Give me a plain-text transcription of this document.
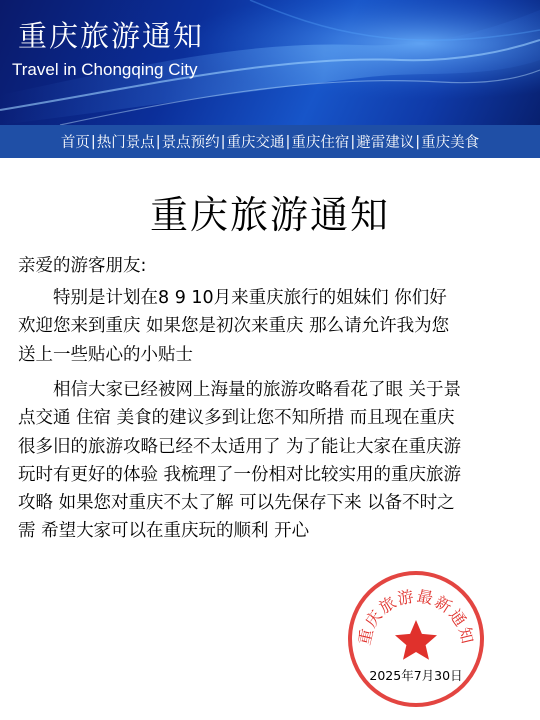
重庆旅游通知
Travel in Chongqing City
首页 | 热门景点 | 景点预约 | 重庆交通 | 重庆住宿 | 避雷建议 | 重庆美食
重庆旅游通知
亲爱的游客朋友:
特别是计划在8 9 10月来重庆旅行的姐妹们 你们好
欢迎您来到重庆 如果您是初次来重庆 那么请允许我为您
送上一些贴心的小贴士
相信大家已经被网上海量的旅游攻略看花了眼 关于景
点交通 住宿 美食的建议多到让您不知所措 而且现在重庆
很多旧的旅游攻略已经不太适用了 为了能让大家在重庆游
玩时有更好的体验 我梳理了一份相对比较实用的重庆旅游
攻略 如果您对重庆不太了解 可以先保存下来 以备不时之
需 希望大家可以在重庆玩的顺利 开心
重庆旅游最新通知
2025年7月30日
